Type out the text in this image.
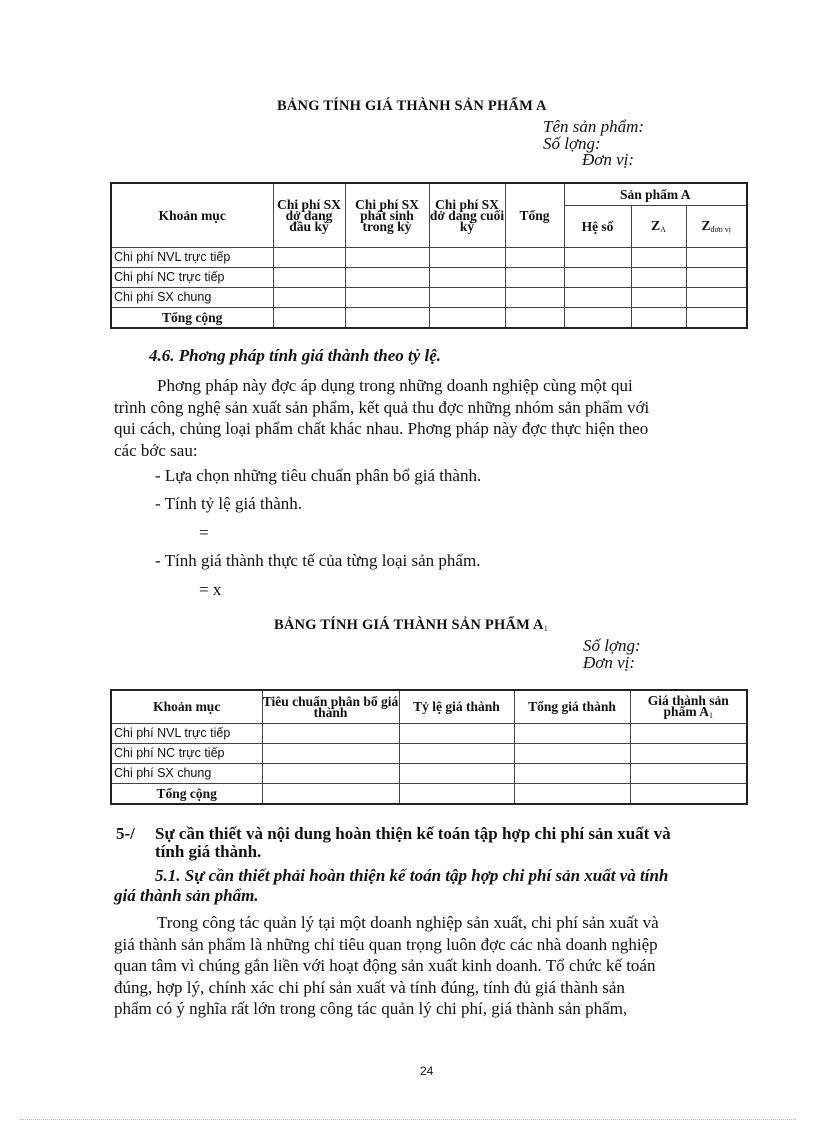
BẢNG TÍNH GIÁ THÀNH SẢN PHẨM A
Tên sản phẩm:
Số lợng:
Đơn vị:
Khoản mục	Chi phí SX dở dang đầu kỳ	Chi phí SX phát sinh trong kỳ	Chi phí SX dở dang cuối kỳ	Tổng	Sản phẩm A		
					Hệ số	$Z_A$	$Z_{đơn vị}$
Chi phí NVL trực tiếp							
Chi phí NC trực tiếp							
Chi phí SX chung							
Tổng cộng							
4.6. Phơng pháp tính giá thành theo tỷ lệ.
Phơng pháp này đợc áp dụng trong những doanh nghiệp cùng một qui
trình công nghệ sản xuất sản phẩm, kết quả thu đợc những nhóm sản phẩm với
qui cách, chủng loại phẩm chất khác nhau. Phơng pháp này đợc thực hiện theo
các bớc sau:
- Lựa chọn những tiêu chuẩn phân bổ giá thành.
- Tính tỷ lệ giá thành.
=
- Tính giá thành thực tế của từng loại sản phẩm.
= x
BẢNG TÍNH GIÁ THÀNH SẢN PHẨM $A_1$
Số lợng:
Đơn vị:
Khoản mục	Tiêu chuẩn phân bổ giá thành	Tỷ lệ giá thành	Tổng giá thành	Giá thành sản phẩm $A_1$
Chi phí NVL trực tiếp				
Chi phí NC trực tiếp				
Chi phí SX chung				
Tổng cộng				
5-/ Sự cần thiết và nội dung hoàn thiện kế toán tập hợp chi phí sản xuất và
tính giá thành.
5.1. Sự cần thiết phải hoàn thiện kế toán tập hợp chi phí sản xuất và tính
giá thành sản phẩm.
Trong công tác quản lý tại một doanh nghiệp sản xuất, chi phí sản xuất và
giá thành sản phẩm là những chỉ tiêu quan trọng luôn đợc các nhà doanh nghiệp
quan tâm vì chúng gắn liền với hoạt động sản xuất kinh doanh. Tổ chức kế toán
đúng, hợp lý, chính xác chi phí sản xuất và tính đúng, tính đủ giá thành sản
phẩm có ý nghĩa rất lớn trong công tác quản lý chi phí, giá thành sản phẩm,
24
